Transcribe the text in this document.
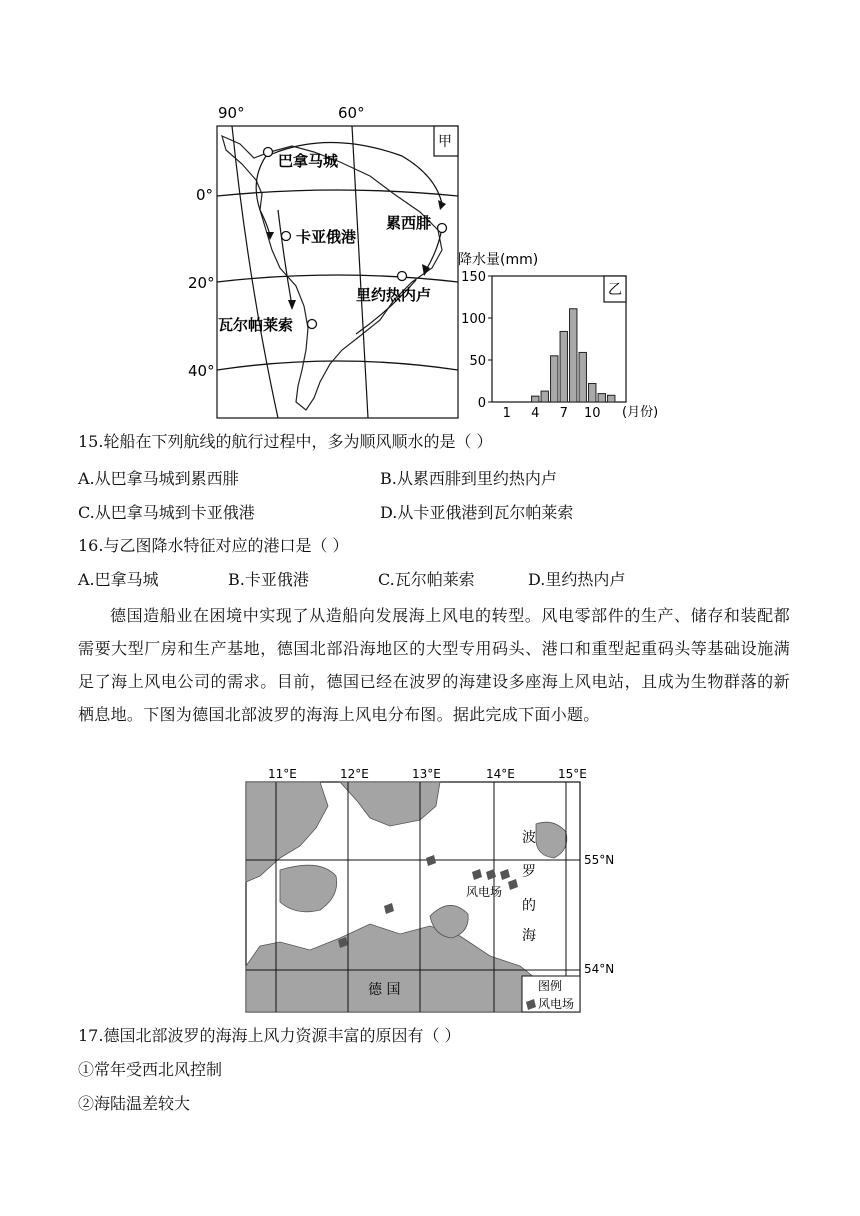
90°	60°
0°
20°
40°
甲
巴拿马城
卡亚俄港
累西腓
里约热内卢
瓦尔帕莱索
降水量(mm)
乙
0
50
100
150
1 4 7 10 (月份)
15.轮船在下列航线的航行过程中，多为顺风顺水的是（ ）
A.从巴拿马城到累西腓	B.从累西腓到里约热内卢
C.从巴拿马城到卡亚俄港	D.从卡亚俄港到瓦尔帕莱索
16.与乙图降水特征对应的港口是（ ）
A.巴拿马城	B.卡亚俄港	C.瓦尔帕莱索	D.里约热内卢
德国造船业在困境中实现了从造船向发展海上风电的转型。风电零部件的生产、储存和装配都需要大型厂房和生产基地，德国北部沿海地区的大型专用码头、港口和重型起重码头等基础设施满足了海上风电公司的需求。目前，德国已经在波罗的海建设多座海上风电站，且成为生物群落的新栖息地。下图为德国北部波罗的海海上风电分布图。据此完成下面小题。
11°E	12°E	13°E	14°E	15°E
55°N
54°N
波
罗
的
海
风电场
德 国	图例
风电场
17.德国北部波罗的海海上风力资源丰富的原因有（ ）
①常年受西北风控制
②海陆温差较大
